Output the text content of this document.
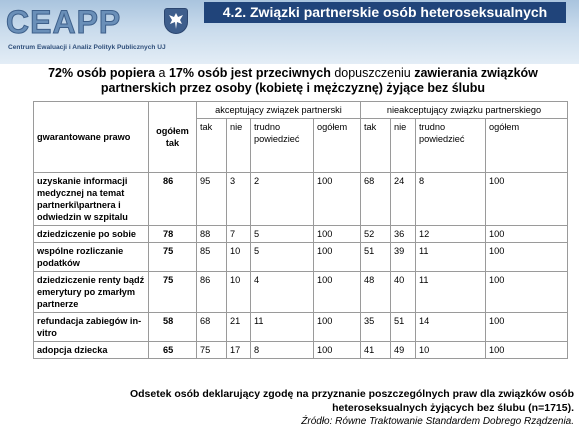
CEAPP
Centrum Ewaluacji i Analiz Polityk Publicznych UJ
4.2. Związki partnerskie osób heteroseksualnych
72% osób popiera a 17% osób jest przeciwnych dopuszczeniu zawierania związków partnerskich przez osoby (kobietę i mężczyznę) żyjące bez ślubu
gwarantowane prawo	ogółem tak	akceptujący związek partnerski				nieakceptujący związku partnerskiego			
		tak	nie	trudno powiedzieć	ogółem	tak	nie	trudno powiedzieć	ogółem
uzyskanie informacji medycznej na temat partnerki\partnera i odwiedzin w szpitalu	86	95	3	2	100	68	24	8	100
dziedziczenie po sobie	78	88	7	5	100	52	36	12	100
wspólne rozliczanie podatków	75	85	10	5	100	51	39	11	100
dziedziczenie renty bądź emerytury po zmarłym partnerze	75	86	10	4	100	48	40	11	100
refundacja zabiegów in-vitro	58	68	21	11	100	35	51	14	100
adopcja dziecka	65	75	17	8	100	41	49	10	100
Odsetek osób deklarujący zgodę na przyznanie poszczególnych praw dla związków osób heteroseksualnych żyjących bez ślubu (n=1715).
Źródło: Równe Traktowanie Standardem Dobrego Rządzenia.
